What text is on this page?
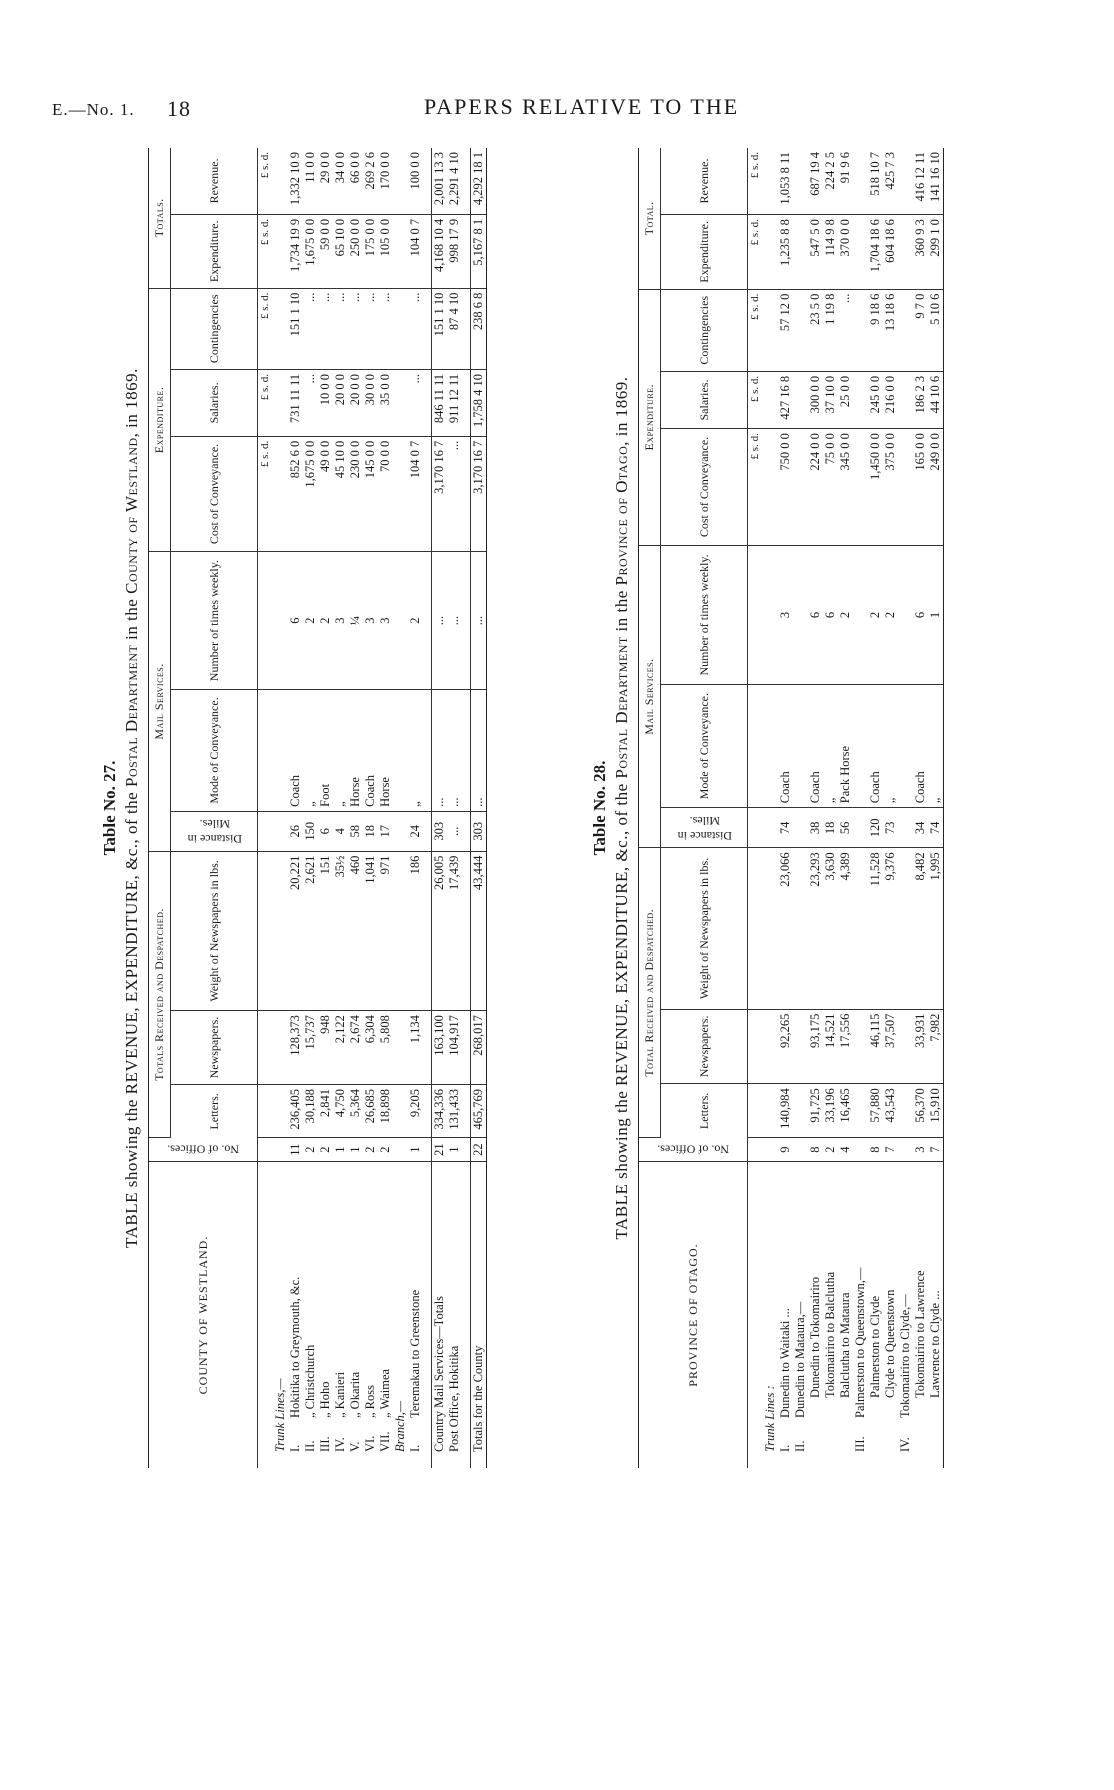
E.—No. 1. 18	PAPERS RELATIVE TO THE
Table No. 27. TABLE showing the REVENUE, EXPENDITURE, &c., of the Postal Department in the County of Westland, in 1869.
COUNTY OF WESTLAND.	No. of Offices.	Totals Received and Despatched.			Mail Services.			Expenditure.			Totals.	
		Letters.	Newspapers.	Weight of Newspapers in lbs.	Distance in Miles.	Mode of Conveyance.	Number of times weekly.	Cost of Conveyance.	Salaries.	Contingencies	Expenditure.	Revenue.
								£ s. d.	£ s. d.	£ s. d.	£ s. d.	£ s. d.
Trunk Lines,—												
I.Hokitika to Greymouth, &c.	11	236,405	128,373	20,221	26	Coach	6	852 6 0	731 11 11	151 1 10	1,734 19 9	1,332 10 9
II.„ Christchurch	2	30,188	15,737	2,621	150	„	2	1,675 0 0	...	...	1,675 0 0	11 0 0
III.„ Hoho	2	2,841	948	151	6	Foot	2	49 0 0	10 0 0	...	59 0 0	29 0 0
IV.„ Kanieri	1	4,750	2,122	35½	4	„	3	45 10 0	20 0 0	...	65 10 0	34 0 0
V.„ Okarita	1	5,364	2,674	460	58	Horse	¼	230 0 0	20 0 0	...	250 0 0	66 0 0
VI.„ Ross	2	26,685	6,304	1,041	18	Coach	3	145 0 0	30 0 0	...	175 0 0	269 2 6
VII.„ Waimea	2	18,898	5,808	971	17	Horse	3	70 0 0	35 0 0	...	105 0 0	170 0 0
Branch,—												
I.Teremakau to Greenstone	1	9,205	1,134	186	24	„	2	104 0 7	...	...	104 0 7	100 0 0

Country Mail Services—Totals	21	334,336	163,100	26,005	303	...	...	3,170 16 7	846 11 11	151 1 10	4,168 10 4	2,001 13 3
Post Office, Hokitika	1	131,433	104,917	17,439	...	...	...	...	911 12 11	87 4 10	998 17 9	2,291 4 10

Totals for the County	22	465,769	268,017	43,444	303	...	...	3,170 16 7	1,758 4 10	238 6 8	5,167 8 1	4,292 18 1
Table No. 28. TABLE showing the REVENUE, EXPENDITURE, &c., of the Postal Department in the Province of Otago, in 1869.
PROVINCE OF OTAGO.	No. of Offices.	Total Received and Despatched.			Mail Services.			Expenditure.			Total.	
		Letters.	Newspapers.	Weight of Newspapers in lbs.	Distance in Miles.	Mode of Conveyance.	Number of times weekly.	Cost of Conveyance.	Salaries.	Contingencies	Expenditure.	Revenue.
								£ s. d.	£ s. d.	£ s. d.	£ s. d.	£ s. d.
Trunk Lines :												
I.Dunedin to Waitaki ...	9	140,984	92,265	23,066	74	Coach	3	750 0 0	427 16 8	57 12 0	1,235 8 8	1,053 8 11
II.Dunedin to Mataura,—												
Dunedin to Tokomairiro	8	91,725	93,175	23,293	38	Coach	6	224 0 0	300 0 0	23 5 0	547 5 0	687 19 4
Tokomairiro to Balclutha	2	33,196	14,521	3,630	18	„	6	75 0 0	37 10 0	1 19 8	114 9 8	224 2 5
Balclutha to Mataura	4	16,465	17,556	4,389	56	Pack Horse	2	345 0 0	25 0 0	...	370 0 0	91 9 6
III.Palmerston to Queenstown,—												
Palmerston to Clyde	8	57,880	46,115	11,528	120	Coach	2	1,450 0 0	245 0 0	9 18 6	1,704 18 6	518 10 7
Clyde to Queenstown	7	43,543	37,507	9,376	73	„	2	375 0 0	216 0 0	13 18 6	604 18 6	425 7 3
IV.Tokomairiro to Clyde,—												
Tokomairiro to Lawrence	3	56,370	33,931	8,482	34	Coach	6	165 0 0	186 2 3	9 7 0	360 9 3	416 12 11
Lawrence to Clyde ...	7	15,910	7,982	1,995	74	„	1	249 0 0	44 10 6	5 10 6	299 1 0	141 16 10
